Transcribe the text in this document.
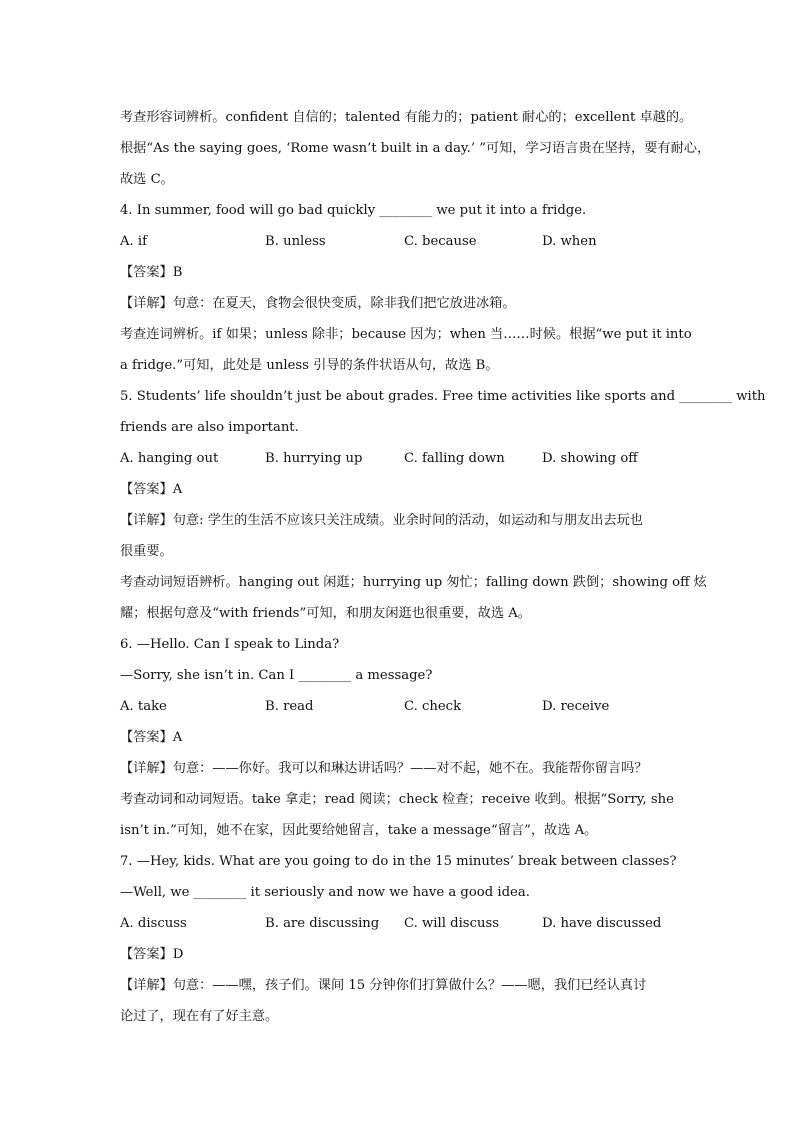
考查形容词辨析。confident 自信的；talented 有能力的；patient 耐心的；excellent 卓越的。
根据“As the saying goes, ‘Rome wasn’t built in a day.’ ”可知，学习语言贵在坚持，要有耐心，
故选 C。
4. In summer, food will go bad quickly ________ we put it into a fridge.
A. if	B. unless	C. because	D. when
【答案】B
【详解】句意：在夏天，食物会很快变质，除非我们把它放进冰箱。
考查连词辨析。if 如果；unless 除非；because 因为；when 当……时候。根据“we put it into
a fridge.”可知，此处是 unless 引导的条件状语从句，故选 B。
5. Students’ life shouldn’t just be about grades. Free time activities like sports and ________ with
friends are also important.
A. hanging out	B. hurrying up	C. falling down	D. showing off
【答案】A
【详解】句意: 学生的生活不应该只关注成绩。业余时间的活动，如运动和与朋友出去玩也
很重要。
考查动词短语辨析。hanging out 闲逛；hurrying up 匆忙；falling down 跌倒；showing off 炫
耀；根据句意及“with friends”可知，和朋友闲逛也很重要，故选 A。
6. —Hello. Can I speak to Linda?
—Sorry, she isn’t in. Can I ________ a message?
A. take	B. read	C. check	D. receive
【答案】A
【详解】句意：——你好。我可以和琳达讲话吗？——对不起，她不在。我能帮你留言吗？
考查动词和动词短语。take 拿走；read 阅读；check 检查；receive 收到。根据“Sorry, she
isn’t in.”可知，她不在家，因此要给她留言，take a message“留言”，故选 A。
7. —Hey, kids. What are you going to do in the 15 minutes’ break between classes?
—Well, we ________ it seriously and now we have a good idea.
A. discuss	B. are discussing	C. will discuss	D. have discussed
【答案】D
【详解】句意：——嘿，孩子们。课间 15 分钟你们打算做什么？——嗯，我们已经认真讨
论过了，现在有了好主意。
